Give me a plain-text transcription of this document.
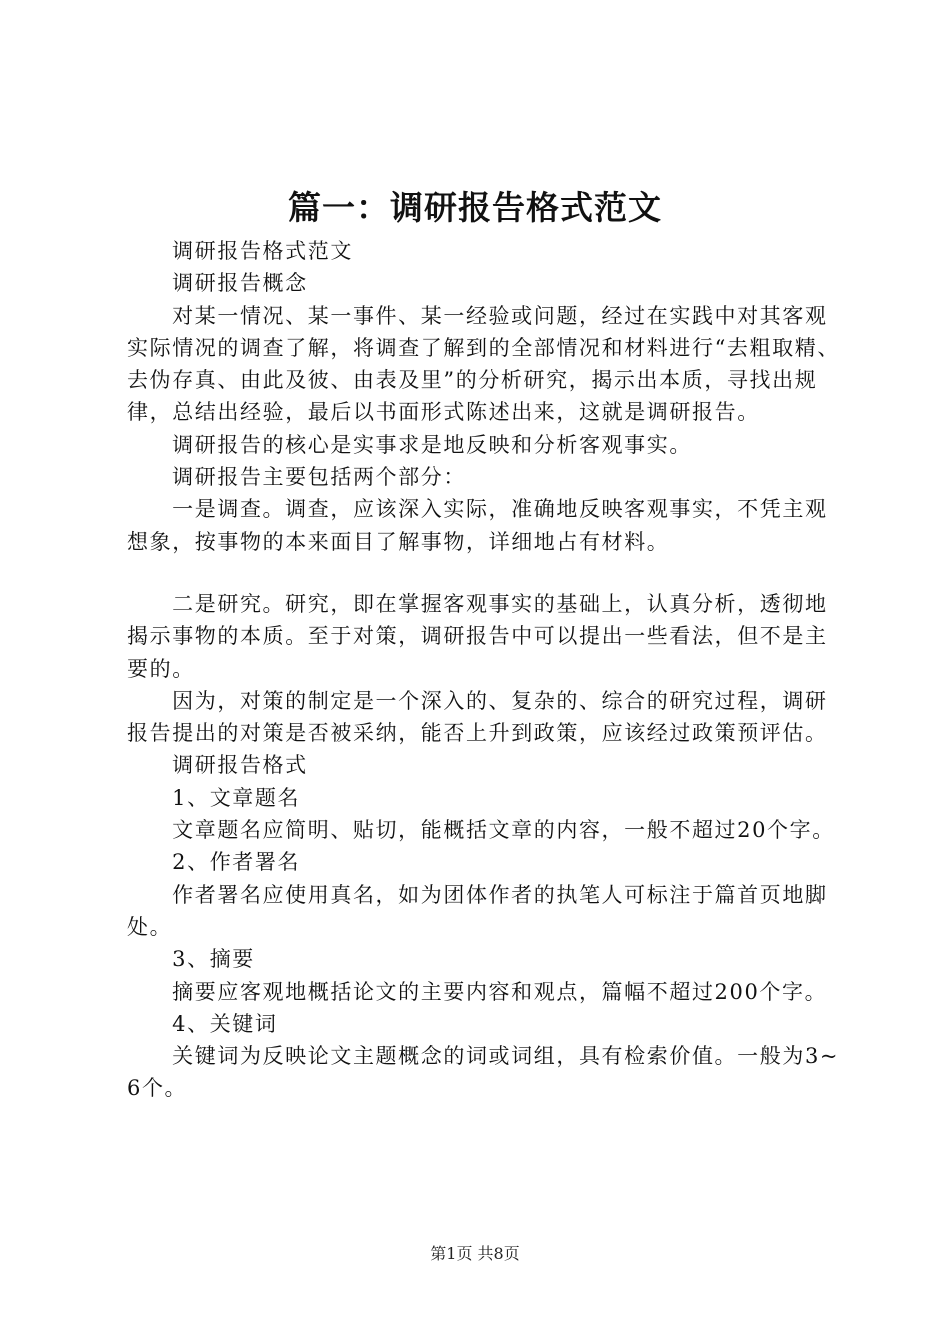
篇一：调研报告格式范文

调研报告格式范文

调研报告概念

对某一情况、某一事件、某一经验或问题，经过在实践中对其客观实际情况的调查了解，将调查了解到的全部情况和材料进行“去粗取精、去伪存真、由此及彼、由表及里”的分析研究，揭示出本质，寻找出规律，总结出经验，最后以书面形式陈述出来，这就是调研报告。

调研报告的核心是实事求是地反映和分析客观事实。

调研报告主要包括两个部分：

一是调查。调查，应该深入实际，准确地反映客观事实，不凭主观想象，按事物的本来面目了解事物，详细地占有材料。

二是研究。研究，即在掌握客观事实的基础上，认真分析，透彻地揭示事物的本质。至于对策，调研报告中可以提出一些看法，但不是主要的。

因为，对策的制定是一个深入的、复杂的、综合的研究过程，调研报告提出的对策是否被采纳，能否上升到政策，应该经过政策预评估。

调研报告格式

1、文章题名

文章题名应简明、贴切，能概括文章的内容，一般不超过20个字。

2、作者署名

作者署名应使用真名，如为团体作者的执笔人可标注于篇首页地脚处。

3、摘要

摘要应客观地概括论文的主要内容和观点，篇幅不超过200个字。

4、关键词

关键词为反映论文主题概念的词或词组，具有检索价值。一般为3~6个。

第1页 共8页
